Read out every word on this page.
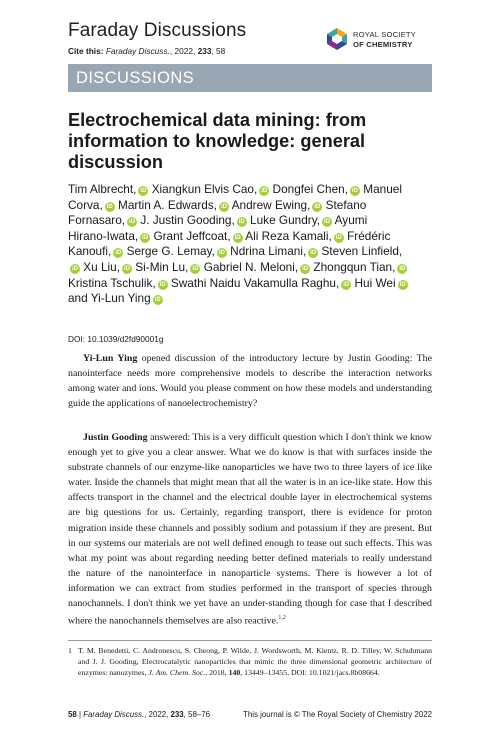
Faraday Discussions
Cite this: Faraday Discuss., 2022, 233, 58
ROYAL SOCIETY
OF CHEMISTRY
DISCUSSIONS
Electrochemical data mining: from information to knowledge: general discussion
Tim Albrecht, iD Xiangkun Elvis Cao, iD Dongfei Chen, iD Manuel Corva, iD Martin A. Edwards, iD Andrew Ewing, iD Stefano Fornasaro, iD J. Justin Gooding, iD Luke Gundry, iD Ayumi Hirano-Iwata, iD Grant Jeffcoat, iD Ali Reza Kamali, iD Frédéric Kanoufi, iD Serge G. Lemay, iD Ndrina Limani, iD Steven Linfield,iD Xu Liu, iD Si-Min Lu, iD Gabriel N. Meloni, iD Zhongqun Tian, iD Kristina Tschulik, iD Swathi Naidu Vakamulla Raghu, iD Hui Wei iD and Yi-Lun Ying iD
DOI: 10.1039/d2fd90001g

Yi-Lun Ying opened discussion of the introductory lecture by Justin Gooding: The nanointerface needs more comprehensive models to describe the interaction networks among water and ions. Would you please comment on how these models and understanding guide the applications of nanoelectrochemistry?

Justin Gooding answered: This is a very difficult question which I don't think we know enough yet to give you a clear answer. What we do know is that with surfaces inside the substrate channels of our enzyme-like nanoparticles we have two to three layers of ice like water. Inside the channels that might mean that all the water is in an ice-like state. How this affects transport in the channel and the electrical double layer in electrochemical systems are big questions for us. Certainly, regarding transport, there is evidence for proton migration inside these channels and possibly sodium and potassium if they are present. But in our systems our materials are not well defined enough to tease out such effects. This was what my point was about regarding needing better defined materials to really understand the nature of the nanointerface in nanoparticle systems. There is however a lot of information we can extract from studies performed in the transport of species through nanochannels. I don't think we yet have an under-standing though for case that I described where the nanochannels themselves are also reactive.$^{1,2}$

1 T. M. Benedetti, C. Andronescu, S. Cheong, P. Wilde, J. Wordsworth, M. Kientz, R. D. Tilley, W. Schuhmann and J. J. Gooding, Electrocatalytic nanoparticles that mimic the three dimensional geometric architecture of enzymes: nanozymes, J. Am. Chem. Soc., 2018, 140, 13449–13455, DOI: 10.1021/jacs.8b08664.
58 | Faraday Discuss., 2022, 233, 58–76	This journal is © The Royal Society of Chemistry 2022
